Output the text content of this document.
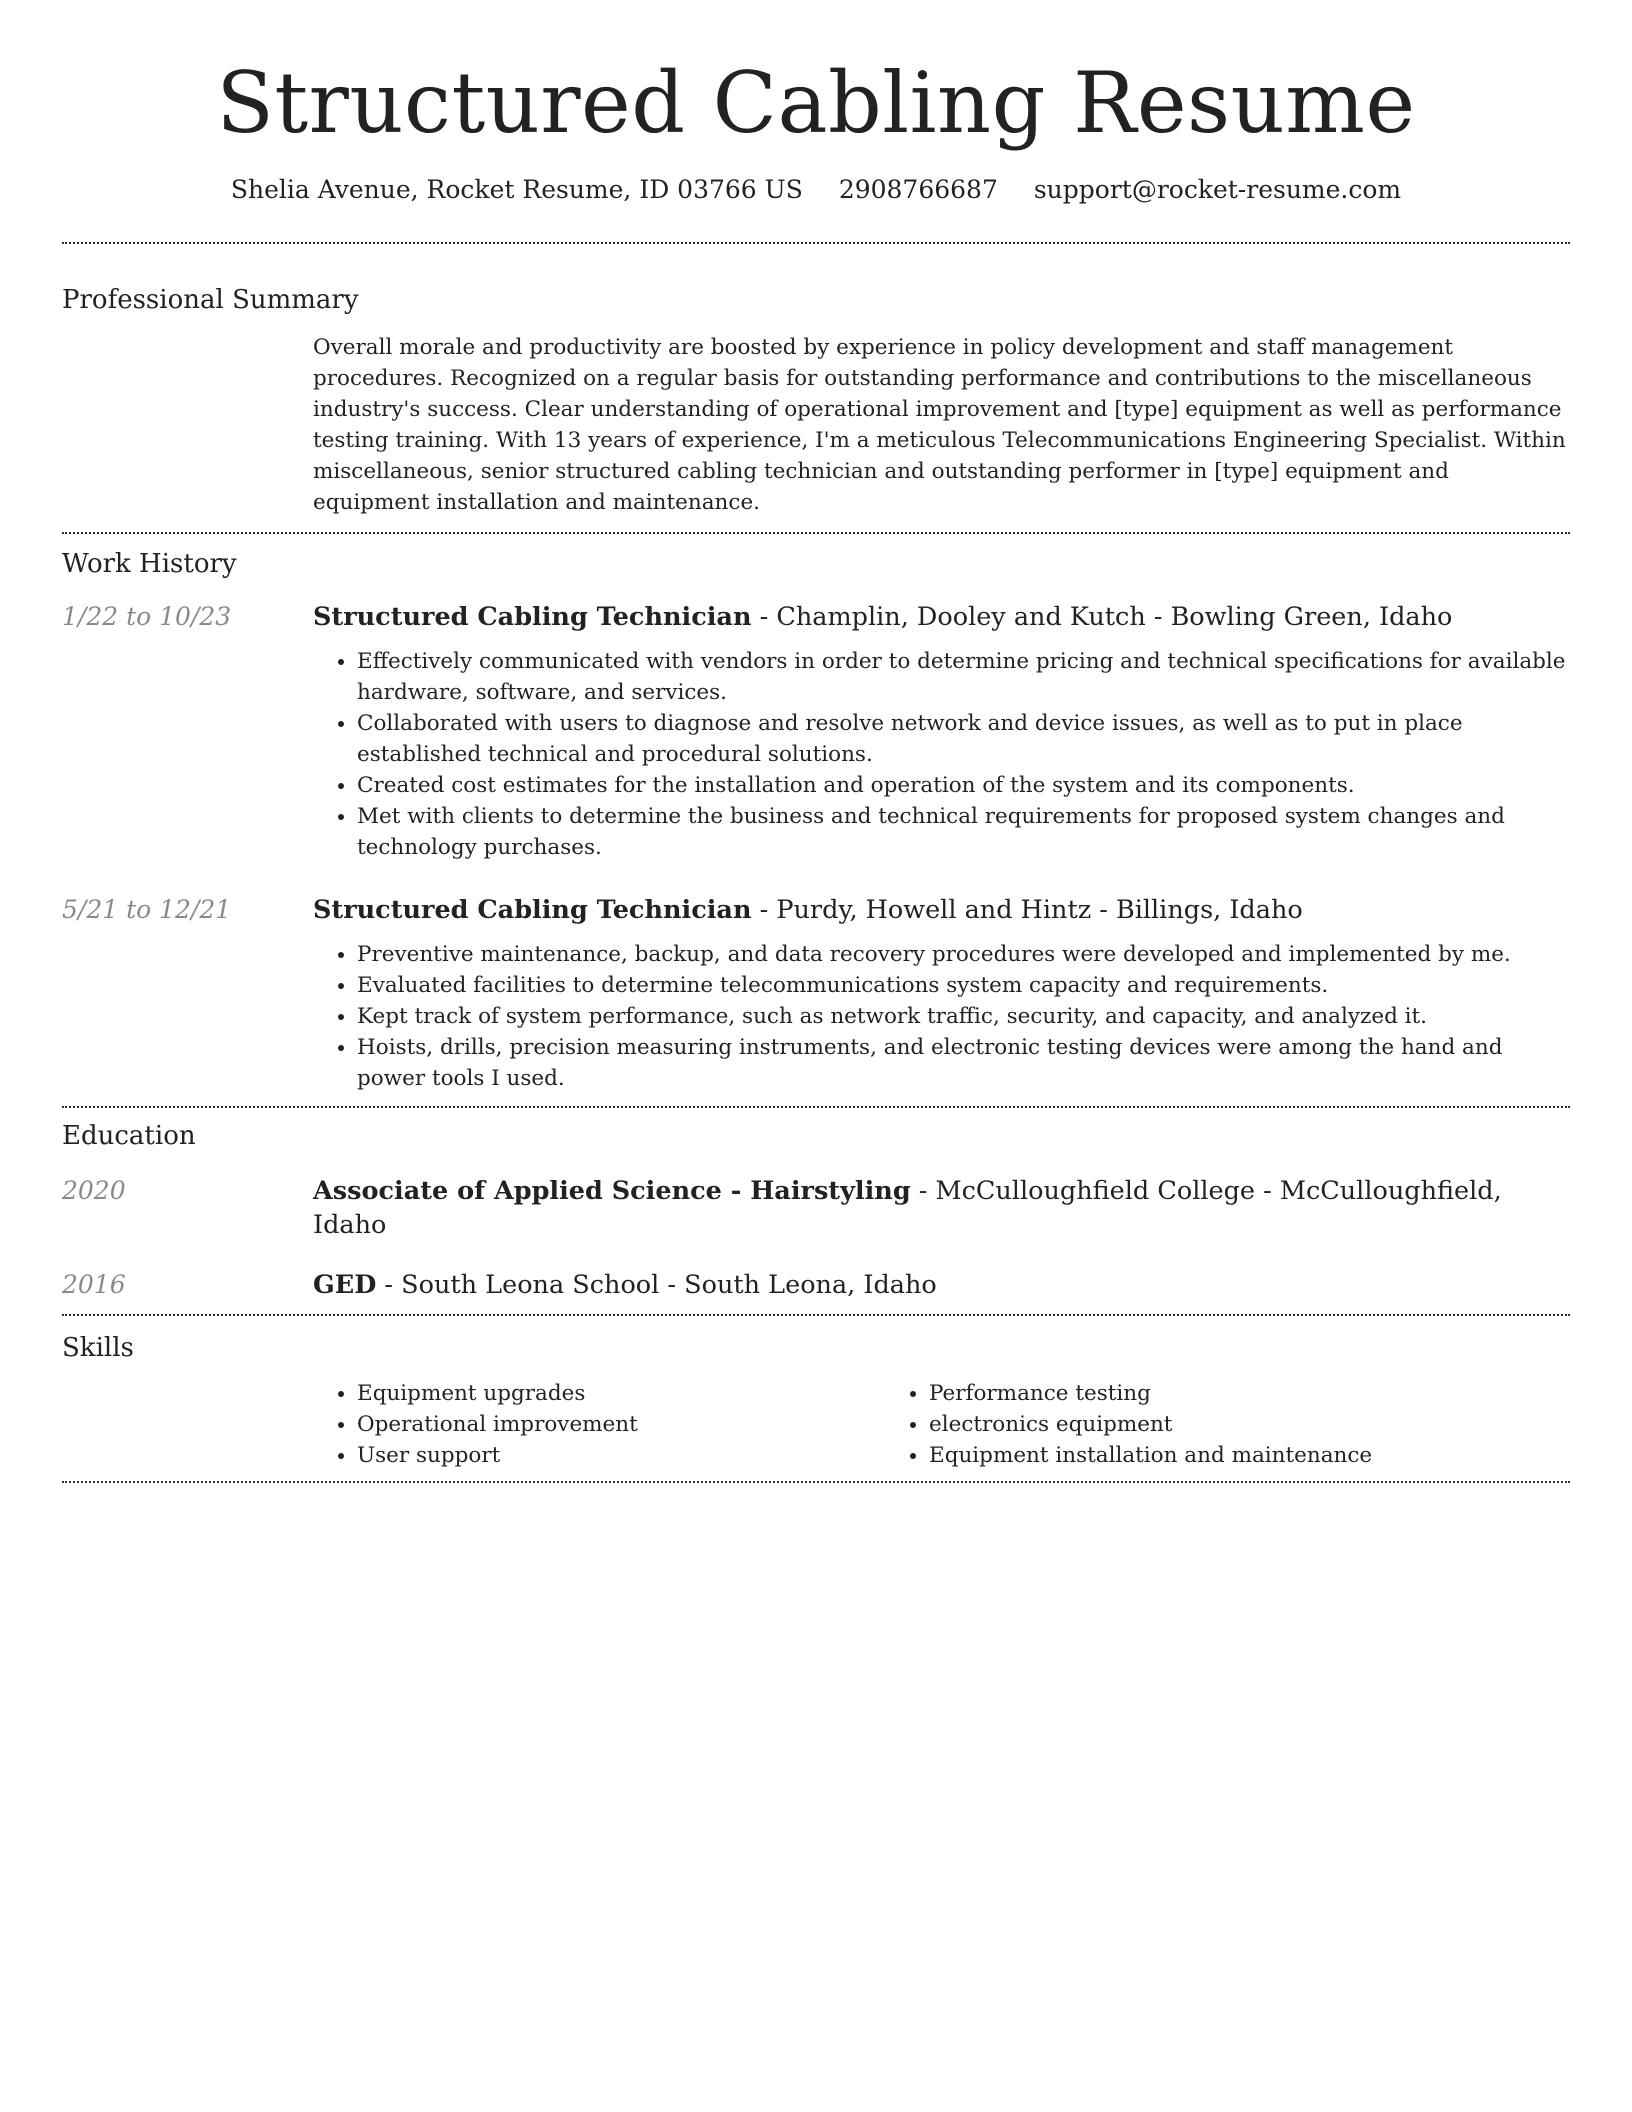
Structured Cabling Resume
Shelia Avenue, Rocket Resume, ID 03766 US 2908766687 support@rocket-resume.com
Professional Summary

Overall morale and productivity are boosted by experience in policy development and staff management procedures. Recognized on a regular basis for outstanding performance and contributions to the miscellaneous industry's success. Clear understanding of operational improvement and [type] equipment as well as performance testing training. With 13 years of experience, I'm a meticulous Telecommunications Engineering Specialist. Within miscellaneous, senior structured cabling technician and outstanding performer in [type] equipment and equipment installation and maintenance.

Work History
1/22 to 10/23	Structured Cabling Technician - Champlin, Dooley and Kutch - Bowling Green, Idaho
• Effectively communicated with vendors in order to determine pricing and technical specifications for available hardware, software, and services.
• Collaborated with users to diagnose and resolve network and device issues, as well as to put in place established technical and procedural solutions.
• Created cost estimates for the installation and operation of the system and its components.
• Met with clients to determine the business and technical requirements for proposed system changes and technology purchases.
5/21 to 12/21	Structured Cabling Technician - Purdy, Howell and Hintz - Billings, Idaho
• Preventive maintenance, backup, and data recovery procedures were developed and implemented by me.
• Evaluated facilities to determine telecommunications system capacity and requirements.
• Kept track of system performance, such as network traffic, security, and capacity, and analyzed it.
• Hoists, drills, precision measuring instruments, and electronic testing devices were among the hand and power tools I used.
Education
2020	Associate of Applied Science - Hairstyling - McCulloughfield College - McCulloughfield, Idaho
2016	GED - South Leona School - South Leona, Idaho
Skills
• Equipment upgrades
• Operational improvement
• User support
• Performance testing
• electronics equipment
• Equipment installation and maintenance
